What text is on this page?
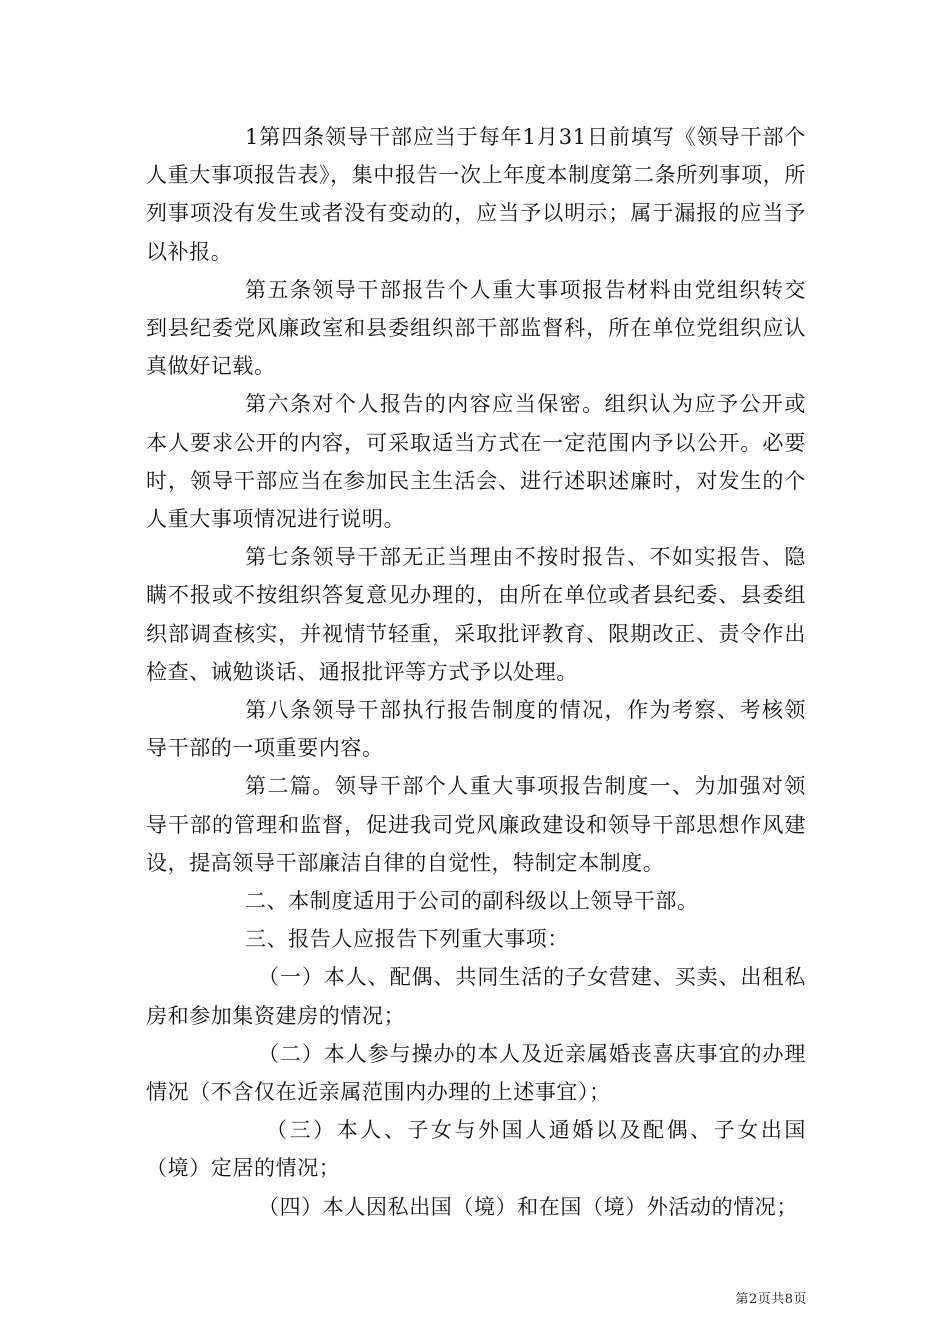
1第四条领导干部应当于每年1月31日前填写《领导干部个人重大事项报告表》，集中报告一次上年度本制度第二条所列事项，所列事项没有发生或者没有变动的，应当予以明示；属于漏报的应当予以补报。

第五条领导干部报告个人重大事项报告材料由党组织转交到县纪委党风廉政室和县委组织部干部监督科，所在单位党组织应认真做好记载。

第六条对个人报告的内容应当保密。组织认为应予公开或本人要求公开的内容，可采取适当方式在一定范围内予以公开。必要时，领导干部应当在参加民主生活会、进行述职述廉时，对发生的个人重大事项情况进行说明。

第七条领导干部无正当理由不按时报告、不如实报告、隐瞒不报或不按组织答复意见办理的，由所在单位或者县纪委、县委组织部调查核实，并视情节轻重，采取批评教育、限期改正、责令作出检查、诫勉谈话、通报批评等方式予以处理。

第八条领导干部执行报告制度的情况，作为考察、考核领导干部的一项重要内容。

第二篇。领导干部个人重大事项报告制度一、为加强对领导干部的管理和监督，促进我司党风廉政建设和领导干部思想作风建设，提高领导干部廉洁自律的自觉性，特制定本制度。

二、本制度适用于公司的副科级以上领导干部。

三、报告人应报告下列重大事项：

（一）本人、配偶、共同生活的子女营建、买卖、出租私房和参加集资建房的情况；

（二）本人参与操办的本人及近亲属婚丧喜庆事宜的办理情况（不含仅在近亲属范围内办理的上述事宜）；

（三）本人、子女与外国人通婚以及配偶、子女出国（境）定居的情况；

（四）本人因私出国（境）和在国（境）外活动的情况；

第2页共8页
